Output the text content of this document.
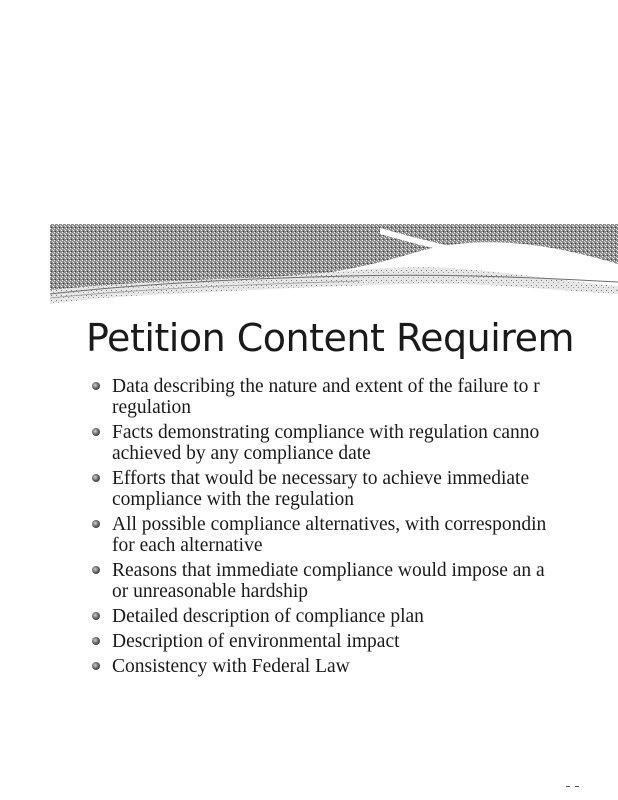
Petition Content Requirem
Data describing the nature and extent of the failure to r
regulation
Facts demonstrating compliance with regulation canno
achieved by any compliance date
Efforts that would be necessary to achieve immediate
compliance with the regulation
All possible compliance alternatives, with correspondin
for each alternative
Reasons that immediate compliance would impose an a
or unreasonable hardship
Detailed description of compliance plan
Description of environmental impact
Consistency with Federal Law
